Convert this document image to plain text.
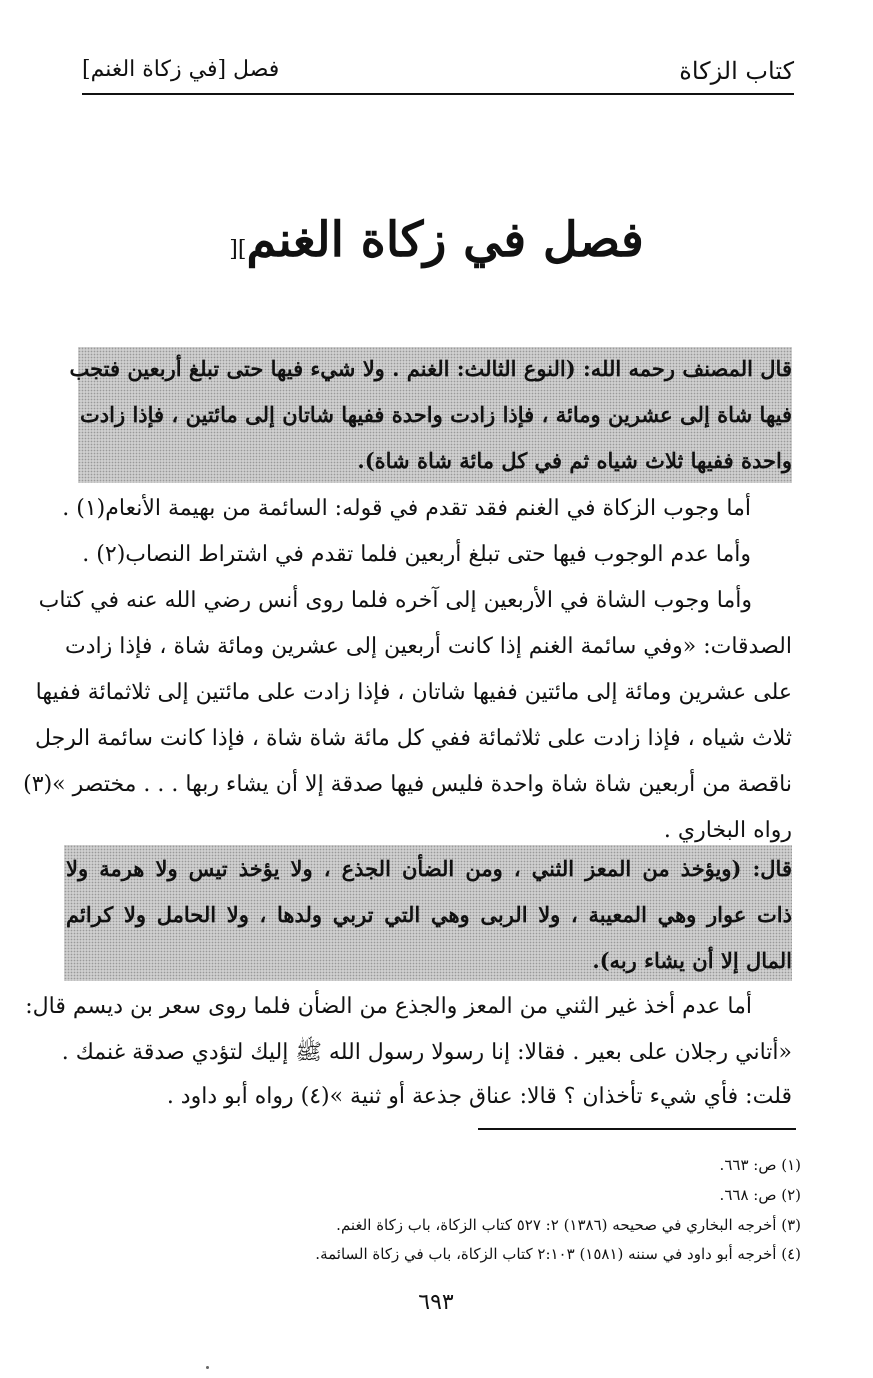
كتاب الزكاة
فصل [في زكاة الغنم]
فصل في زكاة الغنم][
قال المصنف رحمه الله: (النوع الثالث: الغنم . ولا شيء فيها حتى تبلغ أربعين فتجب
فيها شاة إلى عشرين ومائة ، فإذا زادت واحدة ففيها شاتان إلى مائتين ، فإذا زادت
واحدة ففيها ثلاث شياه ثم في كل مائة شاة شاة).
أما وجوب الزكاة في الغنم فقد تقدم في قوله: السائمة من بهيمة الأنعام(١) .
وأما عدم الوجوب فيها حتى تبلغ أربعين فلما تقدم في اشتراط النصاب(٢) .
وأما وجوب الشاة في الأربعين إلى آخره فلما روى أنس رضي الله عنه في كتاب
الصدقات: «وفي سائمة الغنم إذا كانت أربعين إلى عشرين ومائة شاة ، فإذا زادت
على عشرين ومائة إلى مائتين ففيها شاتان ، فإذا زادت على مائتين إلى ثلاثمائة ففيها
ثلاث شياه ، فإذا زادت على ثلاثمائة ففي كل مائة شاة شاة ، فإذا كانت سائمة الرجل
ناقصة من أربعين شاة شاة واحدة فليس فيها صدقة إلا أن يشاء ربها . . . مختصر »(٣)
رواه البخاري .
قال: (ويؤخذ من المعز الثني ، ومن الضأن الجذع ، ولا يؤخذ تيس ولا هرمة ولا
ذات عوار وهي المعيبة ، ولا الربى وهي التي تربي ولدها ، ولا الحامل ولا كرائم
المال إلا أن يشاء ربه).
أما عدم أخذ غير الثني من المعز والجذع من الضأن فلما روى سعر بن ديسم قال:
«أتاني رجلان على بعير . فقالا: إنا رسولا رسول الله ﷺ إليك لتؤدي صدقة غنمك .
قلت: فأي شيء تأخذان ؟ قالا: عناق جذعة أو ثنية »(٤) رواه أبو داود .
(١) ص: ٦٦٣.
(٢) ص: ٦٦٨.
(٣) أخرجه البخاري في صحيحه (١٣٨٦) ٢: ٥٢٧ كتاب الزكاة، باب زكاة الغنم.
(٤) أخرجه أبو داود في سننه (١٥٨١) ٢:١٠٣ كتاب الزكاة، باب في زكاة السائمة.
٦٩٣
